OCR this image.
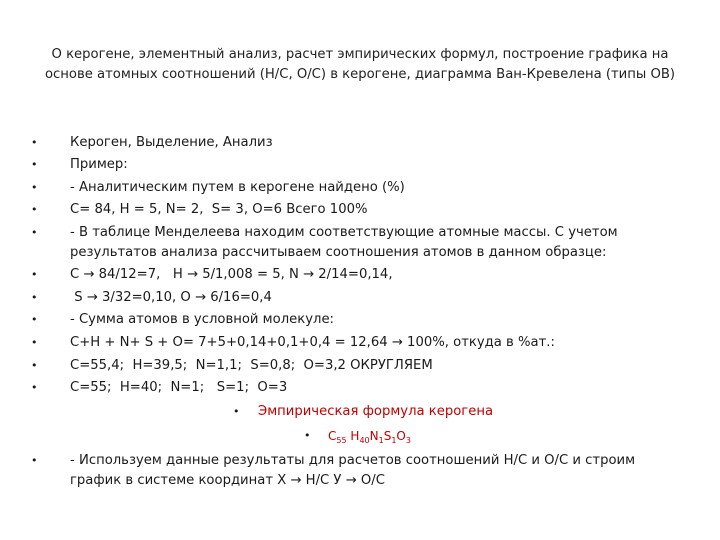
О керогене, элементный анализ, расчет эмпирических формул, построение графика на основе атомных соотношений (H/C, O/C) в керогене, диаграмма Ван-Кревелена (типы ОВ)
• Кероген, Выделение, Анализ
• Пример:
• - Аналитическим путем в керогене найдено (%)
• C= 84, H = 5, N= 2,  S= 3, O=6 Всего 100%
• - В таблице Менделеева находим соответствующие атомные массы. С учетом результатов анализа рассчитываем соотношения атомов в данном образце:
• C → 84/12=7,   H → 5/1,008 = 5, N → 2/14=0,14,
• S → 3/32=0,10, O → 6/16=0,4
• - Сумма атомов в условной молекуле:
• C+H + N+ S + O= 7+5+0,14+0,1+0,4 = 12,64 → 100%, откуда в %ат.:
• C=55,4;  H=39,5;  N=1,1;  S=0,8;  O=3,2 ОКРУГЛЯЕМ
• C=55;  H=40;  N=1;   S=1;  O=3
• Эмпирическая формула керогена
• $C_{55}$ $H_{40}N_1S_1O_3$
• - Используем данные результаты для расчетов соотношений H/C и O/C и строим график в системе координат Х → H/C У → O/C
